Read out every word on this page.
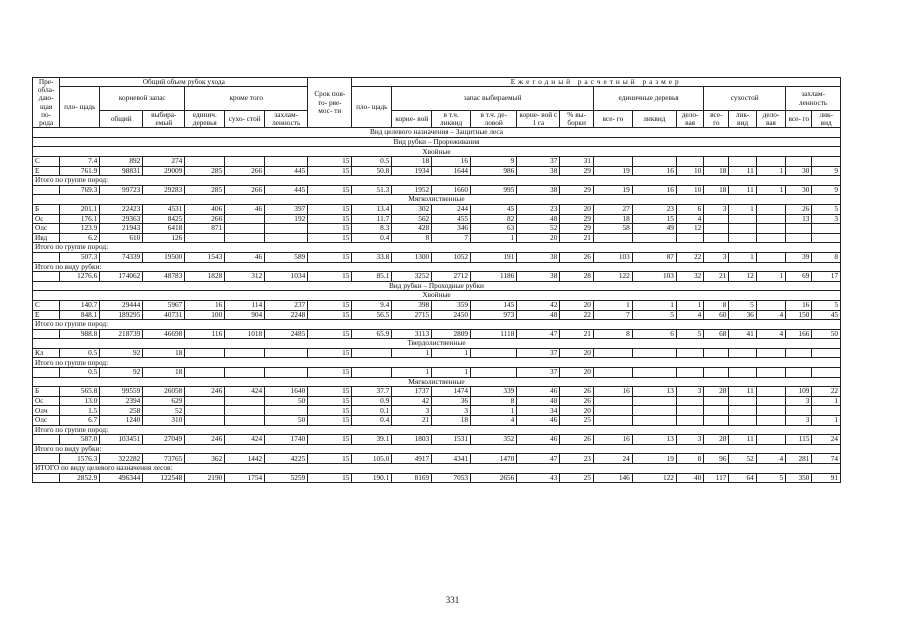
Пре- обла- даю- щая по- рода	Общий объем рубок ухода						Срок пов- то- ряе- мос- ти	Ежегодный расчетный размер													
	пло- щадь	корневой запас		кроме того				пло- щадь	запас выбираемый					единичные деревья			сухостой			захлам- ленность	
		общий	выбира- емый	единич. деревья	сухо- стой	захлам- ленность			корне- вой	в т.ч. ликвид	в т.ч. де- ловой	корне- вой с 1 га	% вы- борки	все- го	ликвид	дело- вая	все- го	лик- вид	дело- вая	все- го	лик- вид
Вид целевого назначения – Защитные леса																					
Вид рубки – Прореживания																					
Хвойные																					
С	7.4	892	274				15	0.5	18	16	9	37	31								
Е	761.9	98831	29009	285	266	445	15	50.8	1934	1644	986	38	29	19	16	10	18	11	1	30	9
Итого по группе пород:																					
	769.3	99723	29283	285	266	445	15	51.3	1952	1660	995	38	29	19	16	10	18	11	1	30	9
Мягколиственные																					
Б	201.1	22423	4531	406	46	397	15	13.4	302	244	45	23	20	27	23	6	3	1		26	5
Ос	176.1	29363	8425	266		192	15	11.7	562	455	82	48	29	18	15	4				13	3
Олс	123.9	21943	6418	871			15	8.3	428	346	63	52	29	58	49	12					
Ивд	6.2	610	126				15	0.4	8	7	1	20	21								
Итого по группе пород:																					
	507.3	74339	19500	1543	46	589	15	33.8	1300	1052	191	38	26	103	87	22	3	1		39	8
Итого по виду рубки:																					
	1276.6	174062	48783	1828	312	1034	15	85.1	3252	2712	1186	38	28	122	103	32	21	12	1	69	17
Вид рубки – Проходные рубки																					
Хвойные																					
С	140.7	29444	5967	16	114	237	15	9.4	398	359	145	42	20	1	1	1	8	5		16	5
Е	848.1	189295	40731	100	904	2248	15	56.5	2715	2450	973	48	22	7	5	4	60	36	4	150	45
Итого по группе пород:																					
	988.8	218739	46698	116	1018	2485	15	65.9	3113	2809	1118	47	21	8	6	5	68	41	4	166	50
Твердолиственные																					
Кл	0.5	92	18				15		1	1		37	20								
Итого по группе пород:																					
	0.5	92	18				15		1	1		37	20								
Мягколиственные																					
Б	565.8	99559	26058	246	424	1640	15	37.7	1737	1474	339	46	26	16	13	3	28	11		109	22
Ос	13.0	2394	629			50	15	0.9	42	36	8	48	26							3	1
Олч	1.5	258	52				15	0.1	3	3	1	34	20								
Олс	6.7	1240	310			50	15	0.4	21	18	4	46	25							3	1
Итого по группе пород:																					
	587.0	103451	27049	246	424	1740	15	39.1	1803	1531	352	46	26	16	13	3	28	11		115	24
Итого по виду рубки:																					
	1576.3	322282	73765	362	1442	4225	15	105.0	4917	4341	1470	47	23	24	19	8	96	52	4	281	74
ИТОГО по виду целевого назначения лесов:																					
	2852.9	496344	122548	2190	1754	5259	15	190.1	8169	7053	2656	43	25	146	122	40	117	64	5	350	91
331
